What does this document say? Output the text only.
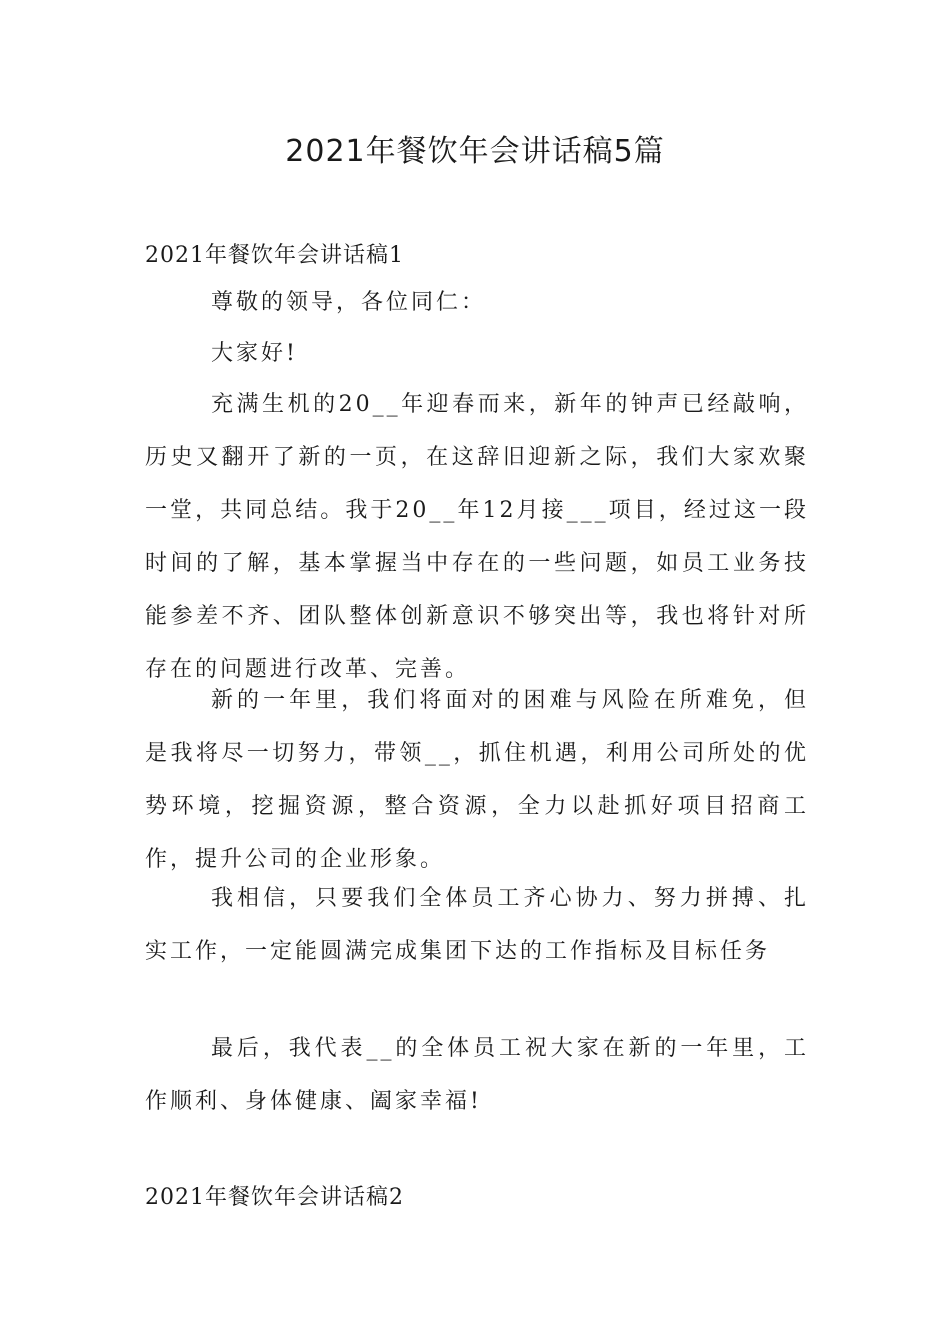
2021年餐饮年会讲话稿5篇
2021年餐饮年会讲话稿1

尊敬的领导，各位同仁：

大家好!

充满生机的20__年迎春而来，新年的钟声已经敲响，历史又翻开了新的一页，在这辞旧迎新之际，我们大家欢聚一堂，共同总结。我于20__年12月接___项目，经过这一段时间的了解，基本掌握当中存在的一些问题，如员工业务技能参差不齐、团队整体创新意识不够突出等，我也将针对所存在的问题进行改革、完善。

新的一年里，我们将面对的困难与风险在所难免，但是我将尽一切努力，带领__，抓住机遇，利用公司所处的优势环境，挖掘资源，整合资源，全力以赴抓好项目招商工作，提升公司的企业形象。

我相信，只要我们全体员工齐心协力、努力拼搏、扎实工作，一定能圆满完成集团下达的工作指标及目标任务

最后，我代表__的全体员工祝大家在新的一年里，工作顺利、身体健康、阖家幸福!

2021年餐饮年会讲话稿2
